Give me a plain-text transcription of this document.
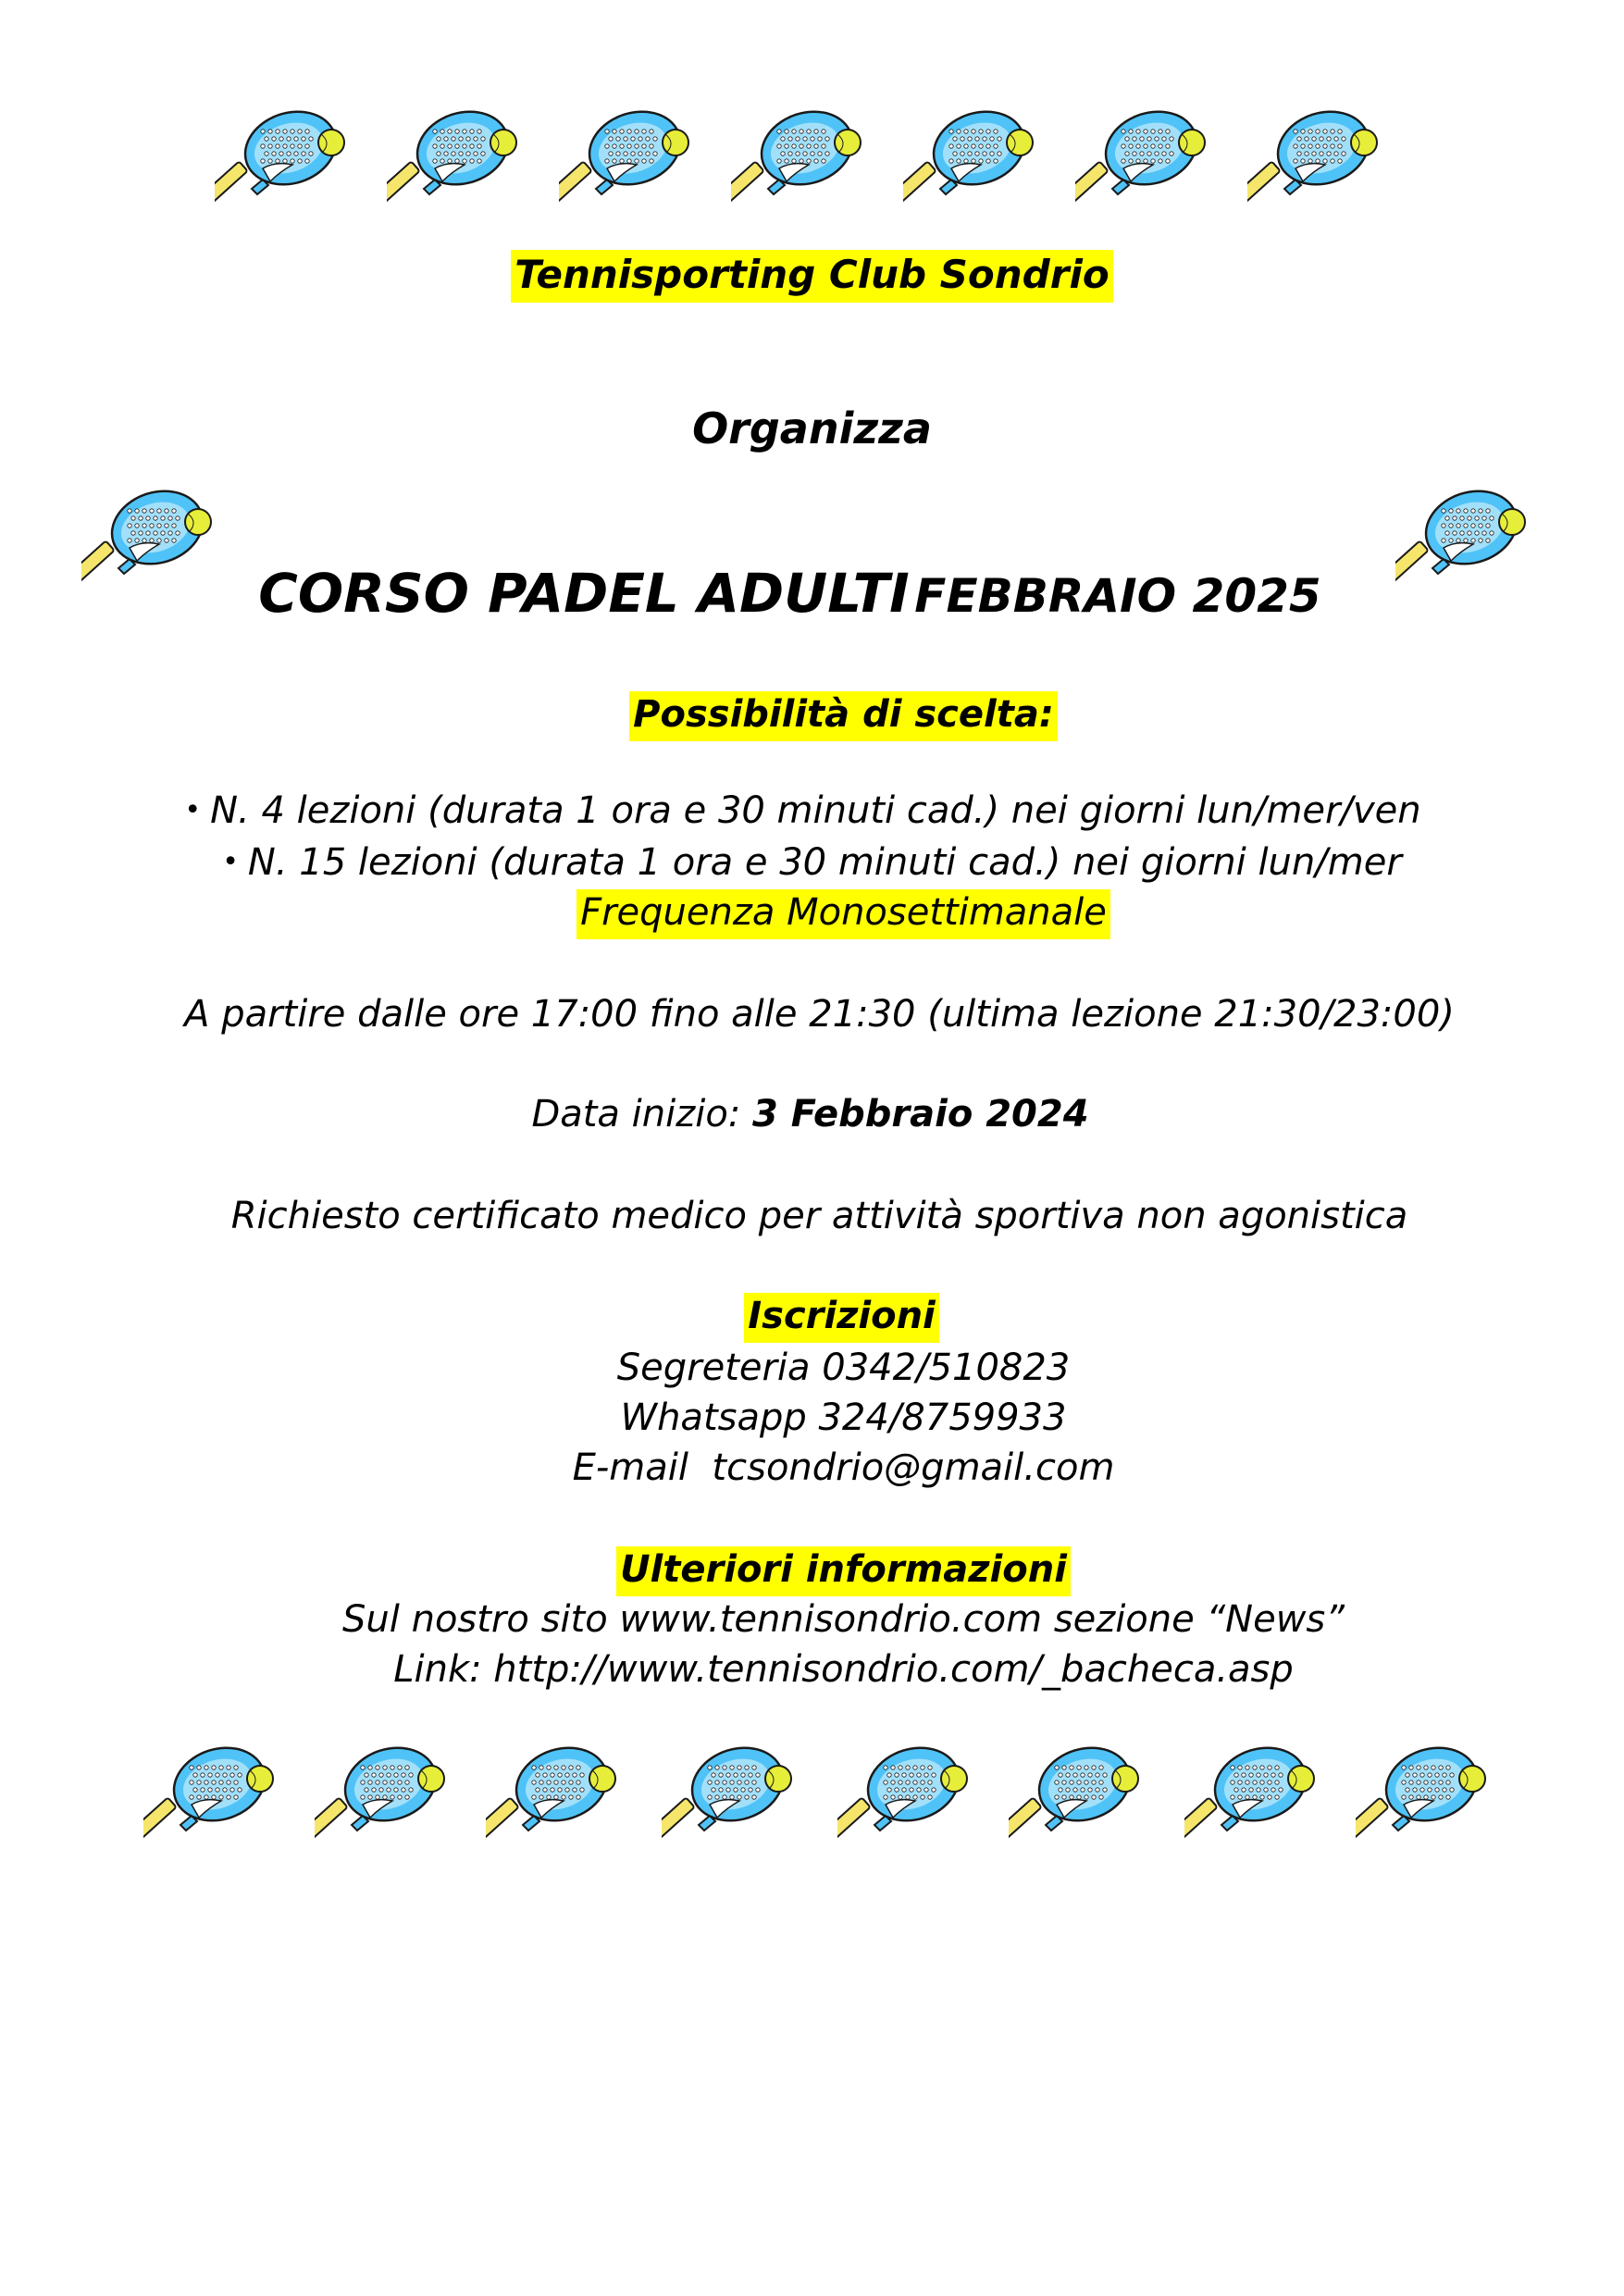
Tennisporting Club Sondrio
Organizza
CORSO PADEL ADULTI FEBBRAIO 2025
Possibilità di scelta:
• N. 4 lezioni (durata 1 ora e 30 minuti cad.) nei giorni lun/mer/ven
• N. 15 lezioni (durata 1 ora e 30 minuti cad.) nei giorni lun/mer
Frequenza Monosettimanale
A partire dalle ore 17:00 fino alle 21:30 (ultima lezione 21:30/23:00)
Data inizio: 3 Febbraio 2024
Richiesto certificato medico per attività sportiva non agonistica
Iscrizioni
Segreteria 0342/510823
Whatsapp 324/8759933
E-mail tcsondrio@gmail.com
Ulteriori informazioni
Sul nostro sito www.tennisondrio.com sezione “News”
Link: http://www.tennisondrio.com/_bacheca.asp
